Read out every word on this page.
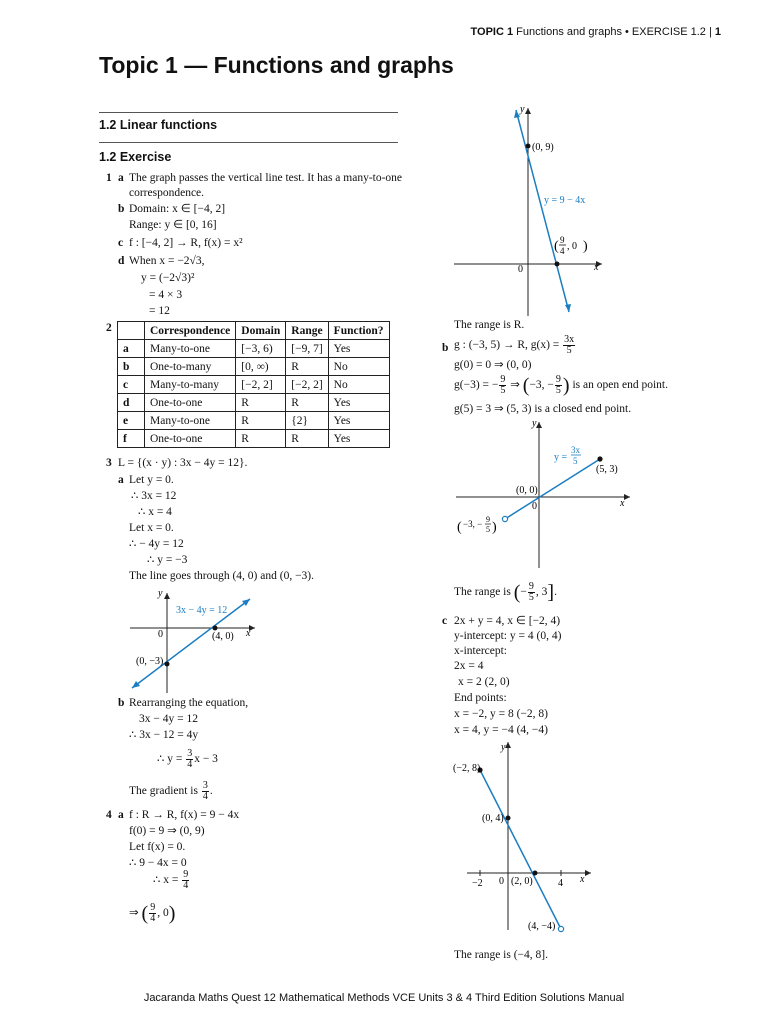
TOPIC 1 Functions and graphs • EXERCISE 1.2 | 1
Topic 1 — Functions and graphs
1.2 Linear functions
1.2 Exercise
1 a The graph passes the vertical line test. It has a many-to-one
correspondence.
b Domain: x ∈ [−4, 2]
Range: y ∈ [0, 16]
c f : [−4, 2] → R, f(x) = x²
d When x = −2√3,
y = (−2√3)²
= 4 × 3
= 12
2
		Correspondence	Domain	Range	Function?
a	Many-to-one	[−3, 6)	[−9, 7]	Yes
b	One-to-many	[0, ∞)	R	No
c	Many-to-many	[−2, 2]	[−2, 2]	No
d	One-to-one	R	R	Yes
e	Many-to-one	R	{2}	Yes
f	One-to-one	R	R	Yes
3 L = {(x · y) : 3x − 4y = 12}.
a Let y = 0.
∴ 3x = 12
∴ x = 4
Let x = 0.
∴ − 4y = 12
∴ y = −3
The line goes through (4, 0) and (0, −3).
y
x
0
3x − 4y = 12
(4, 0)
(0, −3)
b Rearranging the equation,
3x − 4y = 12
∴ 3x − 12 = 4y
∴ $y = \frac{3}{4}$ x − 3
The gradient is $\frac{3}{4}$ .
4 a f : R → R, f(x) = 9 − 4x
f(0) = 9 ⇒ (0, 9)
Let f(x) = 0.
∴ 9 − 4x = 0
∴ $x = \frac{9}{4}$
⇒ ( $\frac{9}{4}$ , 0)
y
x
0
(0, 9)
y = 9 − 4x
( 9
4 , 0 )
The range is R.
b g : (−3, 5) → R, $g(x) = \frac{3x}{5}$
g(0) = 0 ⇒ (0, 0)
g(−3) = − $\frac{9}{5}$ ⇒ (−3, − $\frac{9}{5}$ ) is an open end point.
g(5) = 3 ⇒ (5, 3) is a closed end point.
y
x
0
y =
3x
5
(5, 3)
(0, 0)
( −3, − 9
5 )
The range is (− $\frac{9}{5}$ , 3].
c 2x + y = 4, x ∈ [−2, 4)
y-intercept: y = 4 (0, 4)
x-intercept:
2x = 4
x = 2 (2, 0)
End points:
x = −2, y = 8 (−2, 8)
x = 4, y = −4 (4, −4)
y
x
0
(−2, 8)
(0, 4)
(2, 0)
(4, −4)
−2	4
The range is (−4, 8].
Jacaranda Maths Quest 12 Mathematical Methods VCE Units 3 & 4 Third Edition Solutions Manual
